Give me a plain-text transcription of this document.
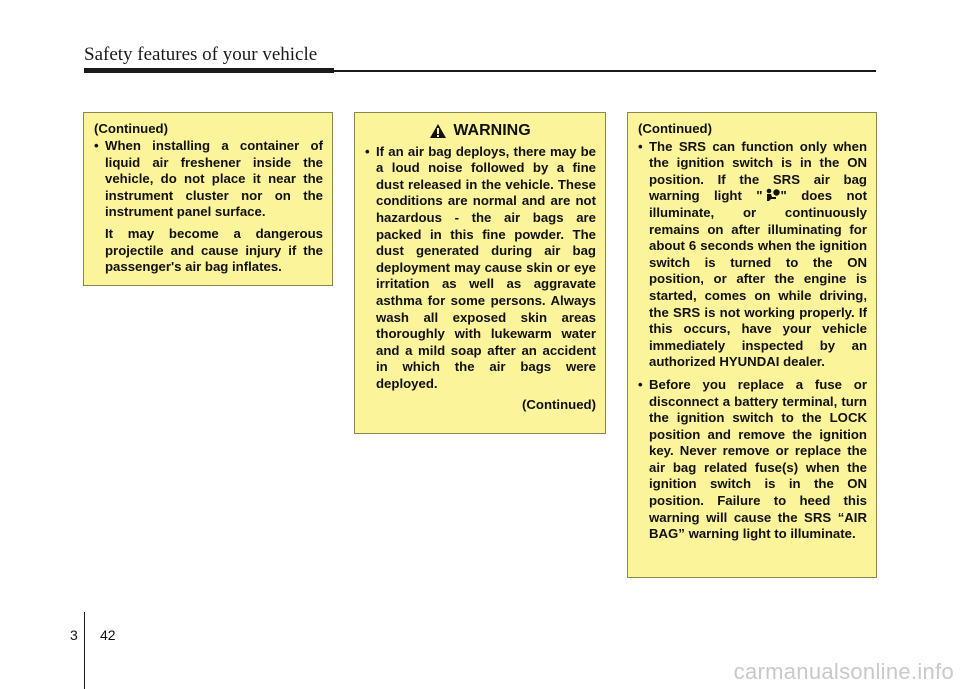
Safety features of your vehicle
(Continued)
• When installing a container of liquid air freshener inside the vehicle, do not place it near the instrument cluster nor on the instrument panel surface.
It may become a dangerous projectile and cause injury if the passenger's air bag inflates.
WARNING
• If an air bag deploys, there may be a loud noise followed by a fine dust released in the vehicle. These conditions are normal and are not hazardous - the air bags are packed in this fine powder. The dust generated during air bag deployment may cause skin or eye irritation as well as aggravate asthma for some persons. Always wash all exposed skin areas thoroughly with lukewarm water and a mild soap after an accident in which the air bags were deployed.
(Continued)
(Continued)
• The SRS can function only when the ignition switch is in the ON position. If the SRS air bag warning light " " does not illuminate, or continuously remains on after illuminating for about 6 seconds when the ignition switch is turned to the ON position, or after the engine is started, comes on while driving, the SRS is not working properly. If this occurs, have your vehicle immediately inspected by an authorized HYUNDAI dealer.
• Before you replace a fuse or disconnect a battery terminal, turn the ignition switch to the LOCK position and remove the ignition key. Never remove or replace the air bag related fuse(s) when the ignition switch is in the ON position. Failure to heed this warning will cause the SRS “AIR BAG” warning light to illuminate.
3 42
carmanualsonline.info
